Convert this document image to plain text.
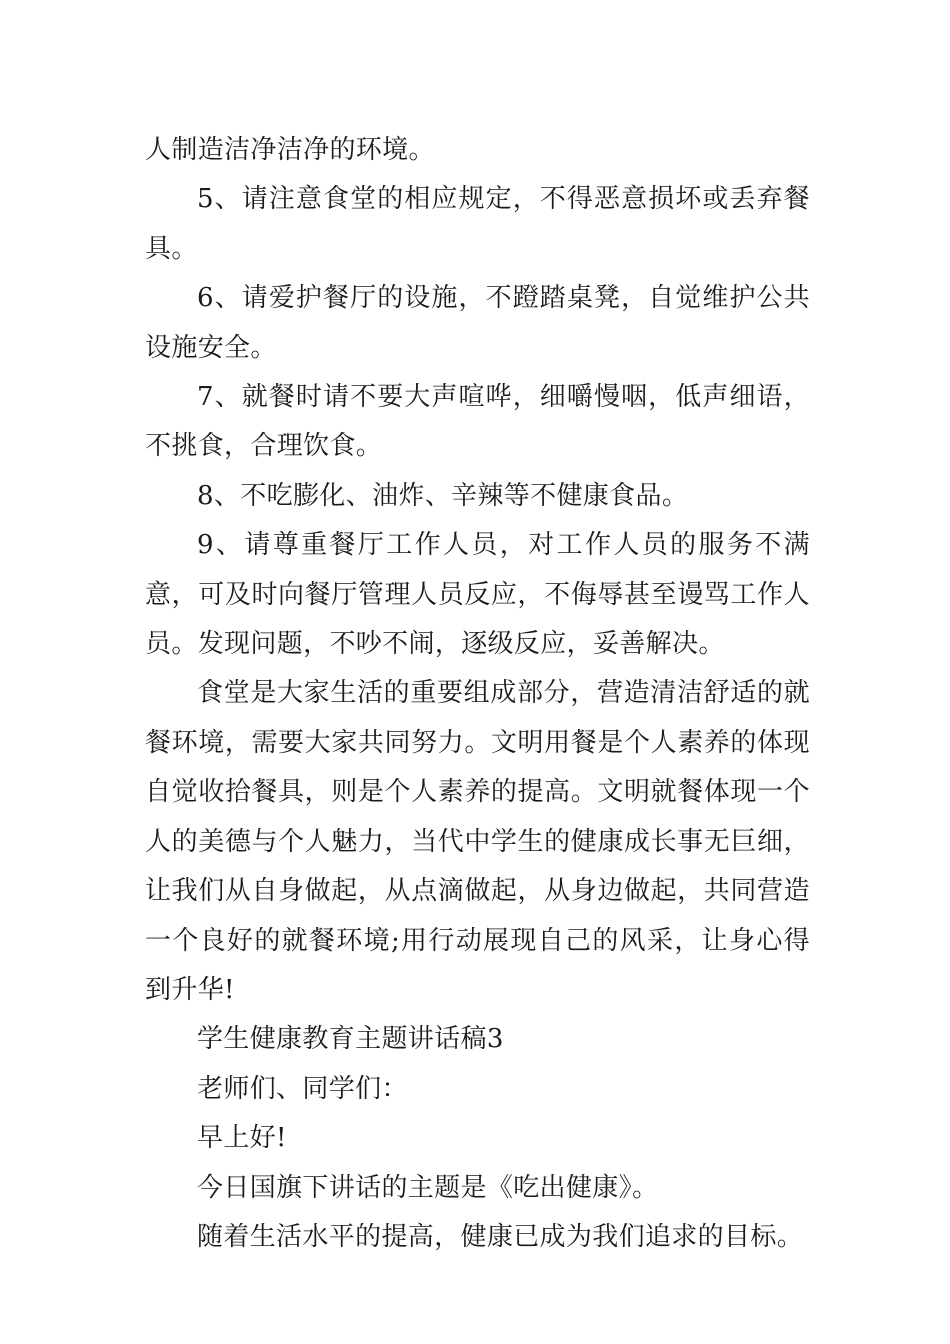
人制造洁净洁净的环境。

5、请注意食堂的相应规定，不得恶意损坏或丢弃餐具。

6、请爱护餐厅的设施，不蹬踏桌凳，自觉维护公共设施安全。

7、就餐时请不要大声喧哗，细嚼慢咽，低声细语，不挑食，合理饮食。

8、不吃膨化、油炸、辛辣等不健康食品。

9、请尊重餐厅工作人员，对工作人员的服务不满意，可及时向餐厅管理人员反应，不侮辱甚至谩骂工作人员。发现问题，不吵不闹，逐级反应，妥善解决。

食堂是大家生活的重要组成部分，营造清洁舒适的就餐环境，需要大家共同努力。文明用餐是个人素养的体现自觉收拾餐具，则是个人素养的提高。文明就餐体现一个人的美德与个人魅力，当代中学生的健康成长事无巨细，让我们从自身做起，从点滴做起，从身边做起，共同营造一个良好的就餐环境;用行动展现自己的风采，让身心得到升华!

学生健康教育主题讲话稿3

老师们、同学们：

早上好!

今日国旗下讲话的主题是《吃出健康》。

随着生活水平的提高，健康已成为我们追求的目标。
